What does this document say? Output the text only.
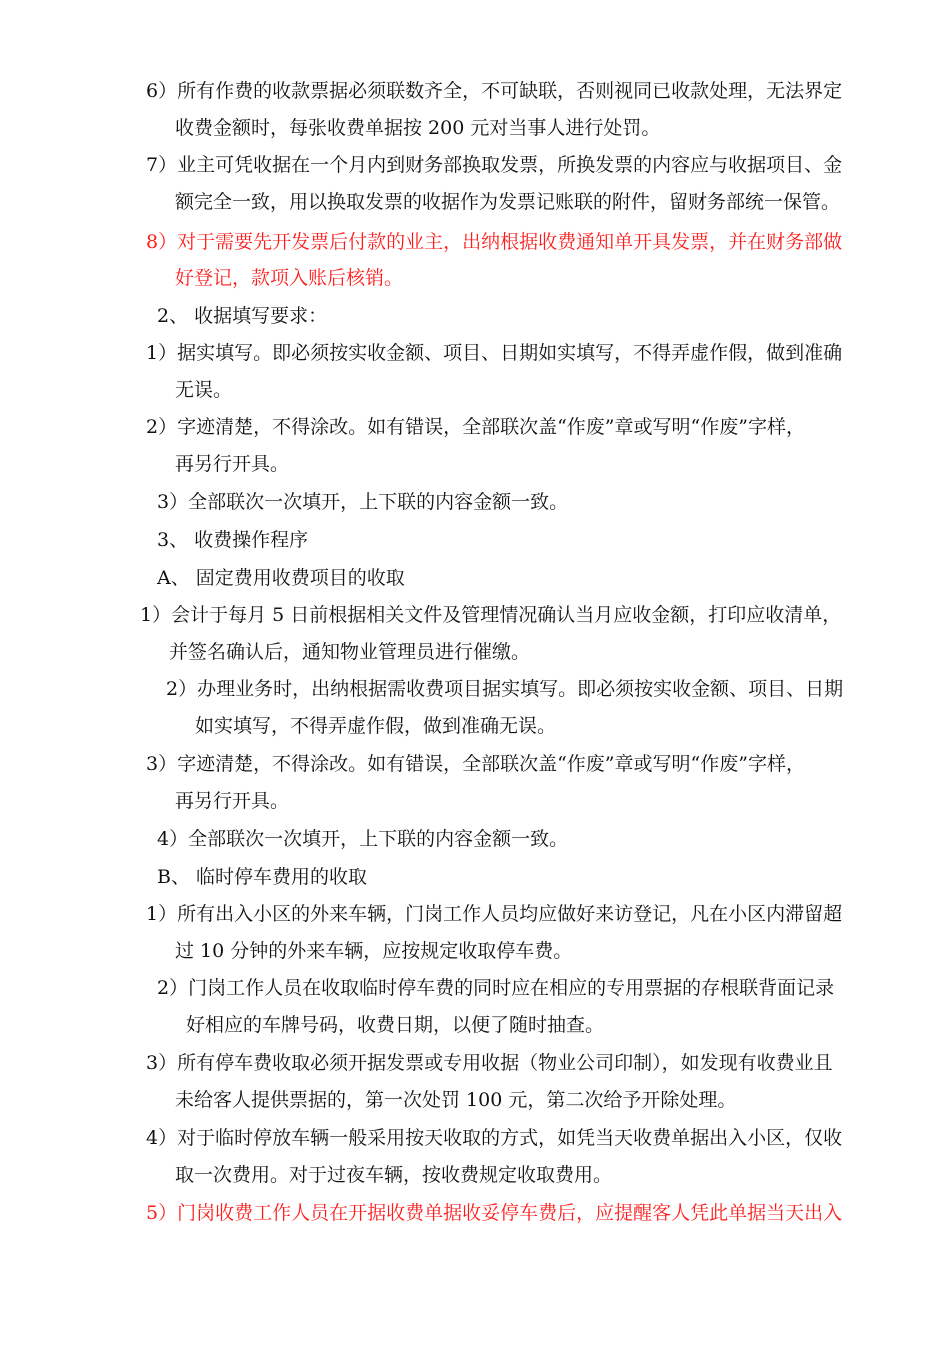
6）所有作费的收款票据必须联数齐全，不可缺联，否则视同已收款处理，无法界定
收费金额时，每张收费单据按 200 元对当事人进行处罚。
7）业主可凭收据在一个月内到财务部换取发票，所换发票的内容应与收据项目、金
额完全一致，用以换取发票的收据作为发票记账联的附件，留财务部统一保管。
8）对于需要先开发票后付款的业主，出纳根据收费通知单开具发票，并在财务部做
好登记，款项入账后核销。
2、 收据填写要求：
1）据实填写。即必须按实收金额、项目、日期如实填写，不得弄虚作假，做到准确
无误。
2）字迹清楚，不得涂改。如有错误，全部联次盖“作废”章或写明“作废”字样，
再另行开具。
3）全部联次一次填开，上下联的内容金额一致。
3、 收费操作程序
A、 固定费用收费项目的收取
1）会计于每月 5 日前根据相关文件及管理情况确认当月应收金额，打印应收清单，
并签名确认后，通知物业管理员进行催缴。
2）办理业务时，出纳根据需收费项目据实填写。即必须按实收金额、项目、日期
如实填写，不得弄虚作假，做到准确无误。
3）字迹清楚，不得涂改。如有错误，全部联次盖“作废”章或写明“作废”字样，
再另行开具。
4）全部联次一次填开，上下联的内容金额一致。
B、 临时停车费用的收取
1）所有出入小区的外来车辆，门岗工作人员均应做好来访登记，凡在小区内滞留超
过 10 分钟的外来车辆，应按规定收取停车费。
2）门岗工作人员在收取临时停车费的同时应在相应的专用票据的存根联背面记录
好相应的车牌号码，收费日期，以便了随时抽查。
3）所有停车费收取必须开据发票或专用收据（物业公司印制），如发现有收费业且
未给客人提供票据的，第一次处罚 100 元，第二次给予开除处理。
4）对于临时停放车辆一般采用按天收取的方式，如凭当天收费单据出入小区，仅收
取一次费用。对于过夜车辆，按收费规定收取费用。
5）门岗收费工作人员在开据收费单据收妥停车费后，应提醒客人凭此单据当天出入
